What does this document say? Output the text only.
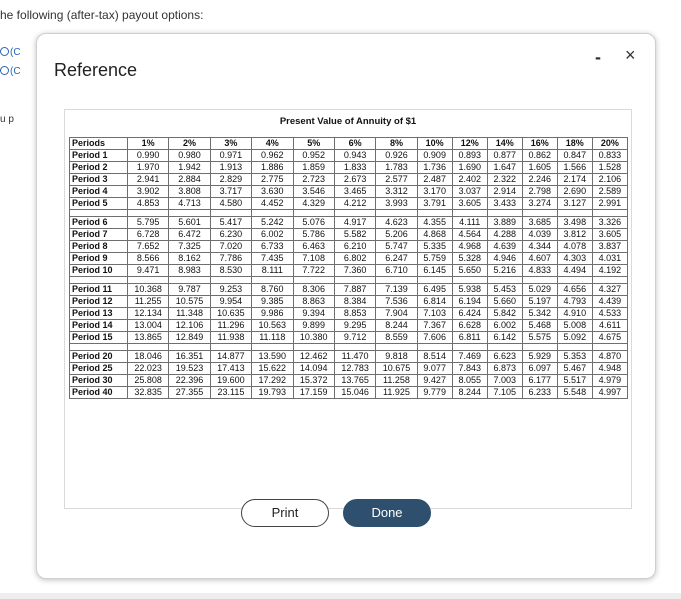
he following (after-tax) payout options:
(C
(C
u p
Reference
- ×
Present Value of Annuity of $1
Periods	1%	2%	3%	4%	5%	6%	8%	10%	12%	14%	16%	18%	20%
Period 1	0.990	0.980	0.971	0.962	0.952	0.943	0.926	0.909	0.893	0.877	0.862	0.847	0.833
Period 2	1.970	1.942	1.913	1.886	1.859	1.833	1.783	1.736	1.690	1.647	1.605	1.566	1.528
Period 3	2.941	2.884	2.829	2.775	2.723	2.673	2.577	2.487	2.402	2.322	2.246	2.174	2.106
Period 4	3.902	3.808	3.717	3.630	3.546	3.465	3.312	3.170	3.037	2.914	2.798	2.690	2.589
Period 5	4.853	4.713	4.580	4.452	4.329	4.212	3.993	3.791	3.605	3.433	3.274	3.127	2.991

Period 6	5.795	5.601	5.417	5.242	5.076	4.917	4.623	4.355	4.111	3.889	3.685	3.498	3.326
Period 7	6.728	6.472	6.230	6.002	5.786	5.582	5.206	4.868	4.564	4.288	4.039	3.812	3.605
Period 8	7.652	7.325	7.020	6.733	6.463	6.210	5.747	5.335	4.968	4.639	4.344	4.078	3.837
Period 9	8.566	8.162	7.786	7.435	7.108	6.802	6.247	5.759	5.328	4.946	4.607	4.303	4.031
Period 10	9.471	8.983	8.530	8.111	7.722	7.360	6.710	6.145	5.650	5.216	4.833	4.494	4.192

Period 11	10.368	9.787	9.253	8.760	8.306	7.887	7.139	6.495	5.938	5.453	5.029	4.656	4.327
Period 12	11.255	10.575	9.954	9.385	8.863	8.384	7.536	6.814	6.194	5.660	5.197	4.793	4.439
Period 13	12.134	11.348	10.635	9.986	9.394	8.853	7.904	7.103	6.424	5.842	5.342	4.910	4.533
Period 14	13.004	12.106	11.296	10.563	9.899	9.295	8.244	7.367	6.628	6.002	5.468	5.008	4.611
Period 15	13.865	12.849	11.938	11.118	10.380	9.712	8.559	7.606	6.811	6.142	5.575	5.092	4.675

Period 20	18.046	16.351	14.877	13.590	12.462	11.470	9.818	8.514	7.469	6.623	5.929	5.353	4.870
Period 25	22.023	19.523	17.413	15.622	14.094	12.783	10.675	9.077	7.843	6.873	6.097	5.467	4.948
Period 30	25.808	22.396	19.600	17.292	15.372	13.765	11.258	9.427	8.055	7.003	6.177	5.517	4.979
Period 40	32.835	27.355	23.115	19.793	17.159	15.046	11.925	9.779	8.244	7.105	6.233	5.548	4.997
Print	Done
